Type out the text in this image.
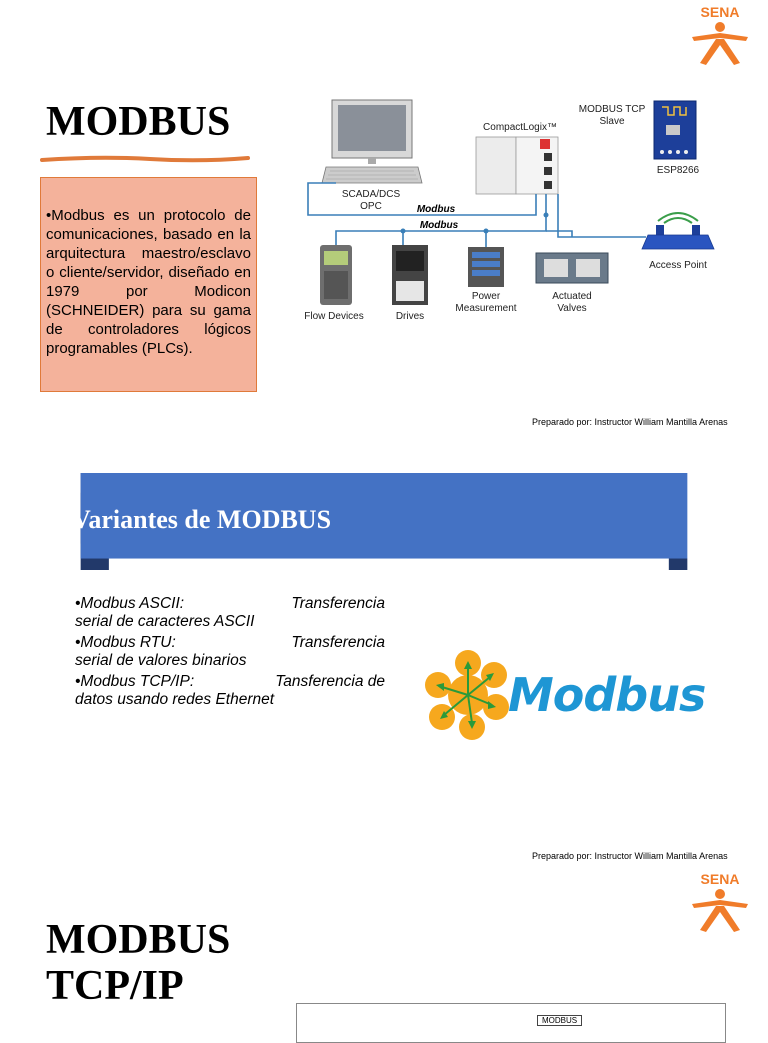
SENA
MODBUS

•Modbus es un protocolo de comunicaciones, basado en la arquitectura maestro/esclavo o cliente/servidor, diseñado en 1979 por Modicon (SCHNEIDER) para su gama de controladores lógicos programables (PLCs).

SCADA/DCS
OPC
CompactLogix™
MODBUS TCP
Slave
ESP8266
Modbus
Modbus
Access Point
Flow Devices	Drives
Power
Measurement
Actuated
Valves
Preparado por: Instructor William Mantilla Arenas
Variantes de MODBUS
•Modbus ASCII:	Transferencia
serial de caracteres ASCII
•Modbus RTU:	Transferencia
serial de valores binarios
•Modbus TCP/IP:	Tansferencia de
datos usando redes Ethernet	Modbus
Preparado por: Instructor William Mantilla Arenas
SENA
MODBUS
TCP/IP
MODBUS
